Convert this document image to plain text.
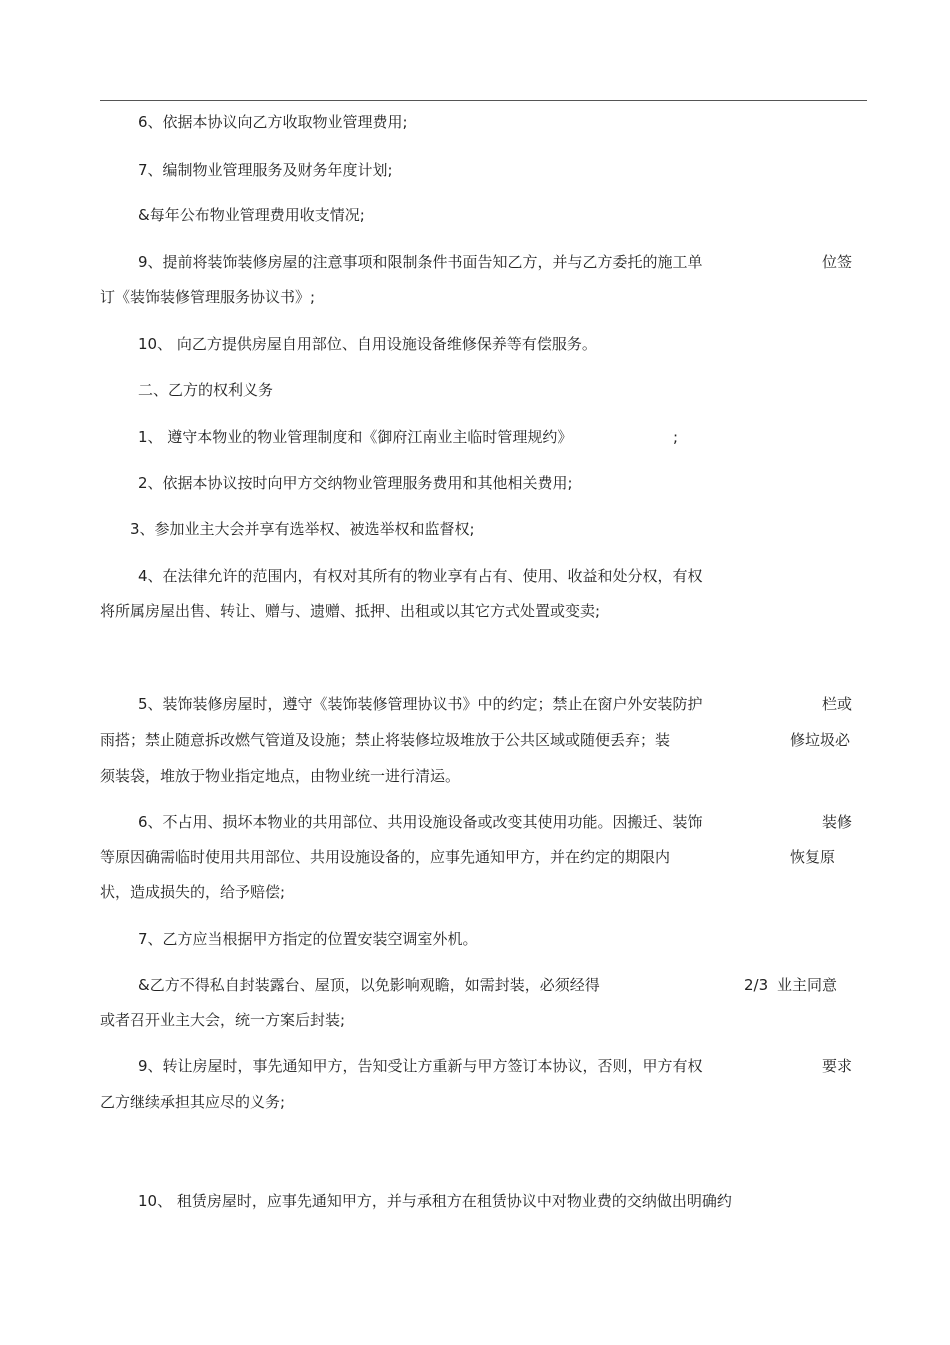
6、依据本协议向乙方收取物业管理费用;
7、编制物业管理服务及财务年度计划;
&每年公布物业管理费用收支情况;
9、提前将装饰装修房屋的注意事项和限制条件书面告知乙方，并与乙方委托的施工单	位签
订《装饰装修管理服务协议书》;
10、 向乙方提供房屋自用部位、自用设施设备维修保养等有偿服务。
二、乙方的权利义务
1、 遵守本物业的物业管理制度和《御府江南业主临时管理规约》	;
2、依据本协议按时向甲方交纳物业管理服务费用和其他相关费用;
3、参加业主大会并享有选举权、被选举权和监督权;
4、在法律允许的范围内，有权对其所有的物业享有占有、使用、收益和处分权，有权
将所属房屋出售、转让、赠与、遗赠、抵押、出租或以其它方式处置或变卖;
5、装饰装修房屋时，遵守《装饰装修管理协议书》中的约定；禁止在窗户外安装防护	栏或
雨搭；禁止随意拆改燃气管道及设施；禁止将装修垃圾堆放于公共区域或随便丢弃；装	修垃圾必
须装袋，堆放于物业指定地点，由物业统一进行清运。
6、不占用、损坏本物业的共用部位、共用设施设备或改变其使用功能。因搬迁、装饰	装修
等原因确需临时使用共用部位、共用设施设备的，应事先通知甲方，并在约定的期限内	恢复原
状，造成损失的，给予赔偿;
7、乙方应当根据甲方指定的位置安装空调室外机。
&乙方不得私自封装露台、屋顶，以免影响观瞻，如需封装，必须经得	2/3 业主同意
或者召开业主大会，统一方案后封装;
9、转让房屋时，事先通知甲方，告知受让方重新与甲方签订本协议，否则，甲方有权	要求
乙方继续承担其应尽的义务;
10、 租赁房屋时，应事先通知甲方，并与承租方在租赁协议中对物业费的交纳做出明确约
